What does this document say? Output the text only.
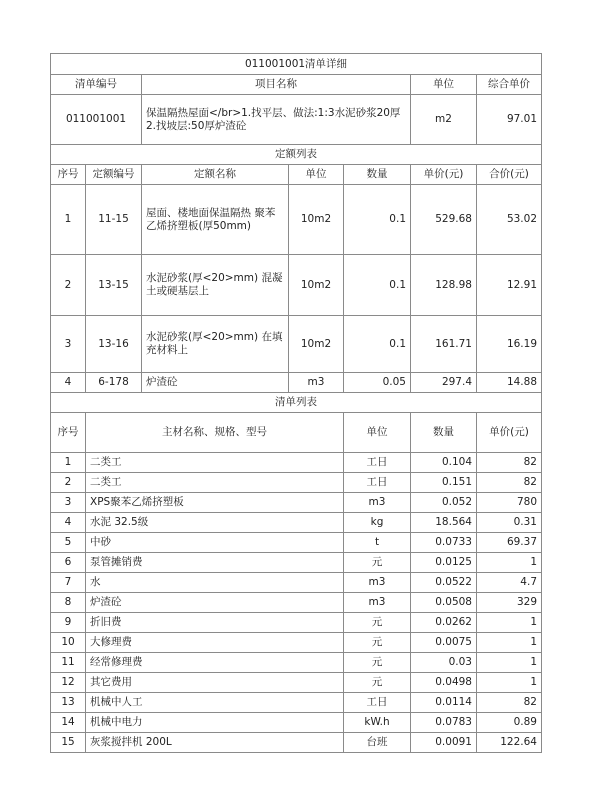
011001001清单详细							
清单编号		项目名称			单位	综合单价	
011001001		保温隔热屋面</br>1.找平层、做法:1:3水泥砂浆20厚
2.找坡层:50厚炉渣砼			m2	97.01	
定额列表							
序号	定额编号	定额名称	单位	数量	单价(元)	合价(元)	
1	11-15	屋面、楼地面保温隔热 聚苯乙烯挤塑板(厚50mm)	10m2	0.1	529.68	53.02	
2	13-15	水泥砂浆(厚<20>mm) 混凝土或硬基层上	10m2	0.1	128.98	12.91	
3	13-16	水泥砂浆(厚<20>mm) 在填充材料上	10m2	0.1	161.71	16.19	
4	6-178	炉渣砼	m3	0.05	297.4	14.88	
清单列表							
序号	主材名称、规格、型号			单位	数量	单价(元)	
1	二类工			工日	0.104	82	
2	二类工			工日	0.151	82	
3	XPS聚苯乙烯挤塑板			m3	0.052	780	
4	水泥 32.5级			kg	18.564	0.31	
5	中砂			t	0.0733	69.37	
6	泵管摊销费			元	0.0125	1	
7	水			m3	0.0522	4.7	
8	炉渣砼			m3	0.0508	329	
9	折旧费			元	0.0262	1	
10	大修理费			元	0.0075	1	
11	经常修理费			元	0.03	1	
12	其它费用			元	0.0498	1	
13	机械中人工			工日	0.0114	82	
14	机械中电力			kW.h	0.0783	0.89	
15	灰浆搅拌机 200L			台班	0.0091	122.64	
